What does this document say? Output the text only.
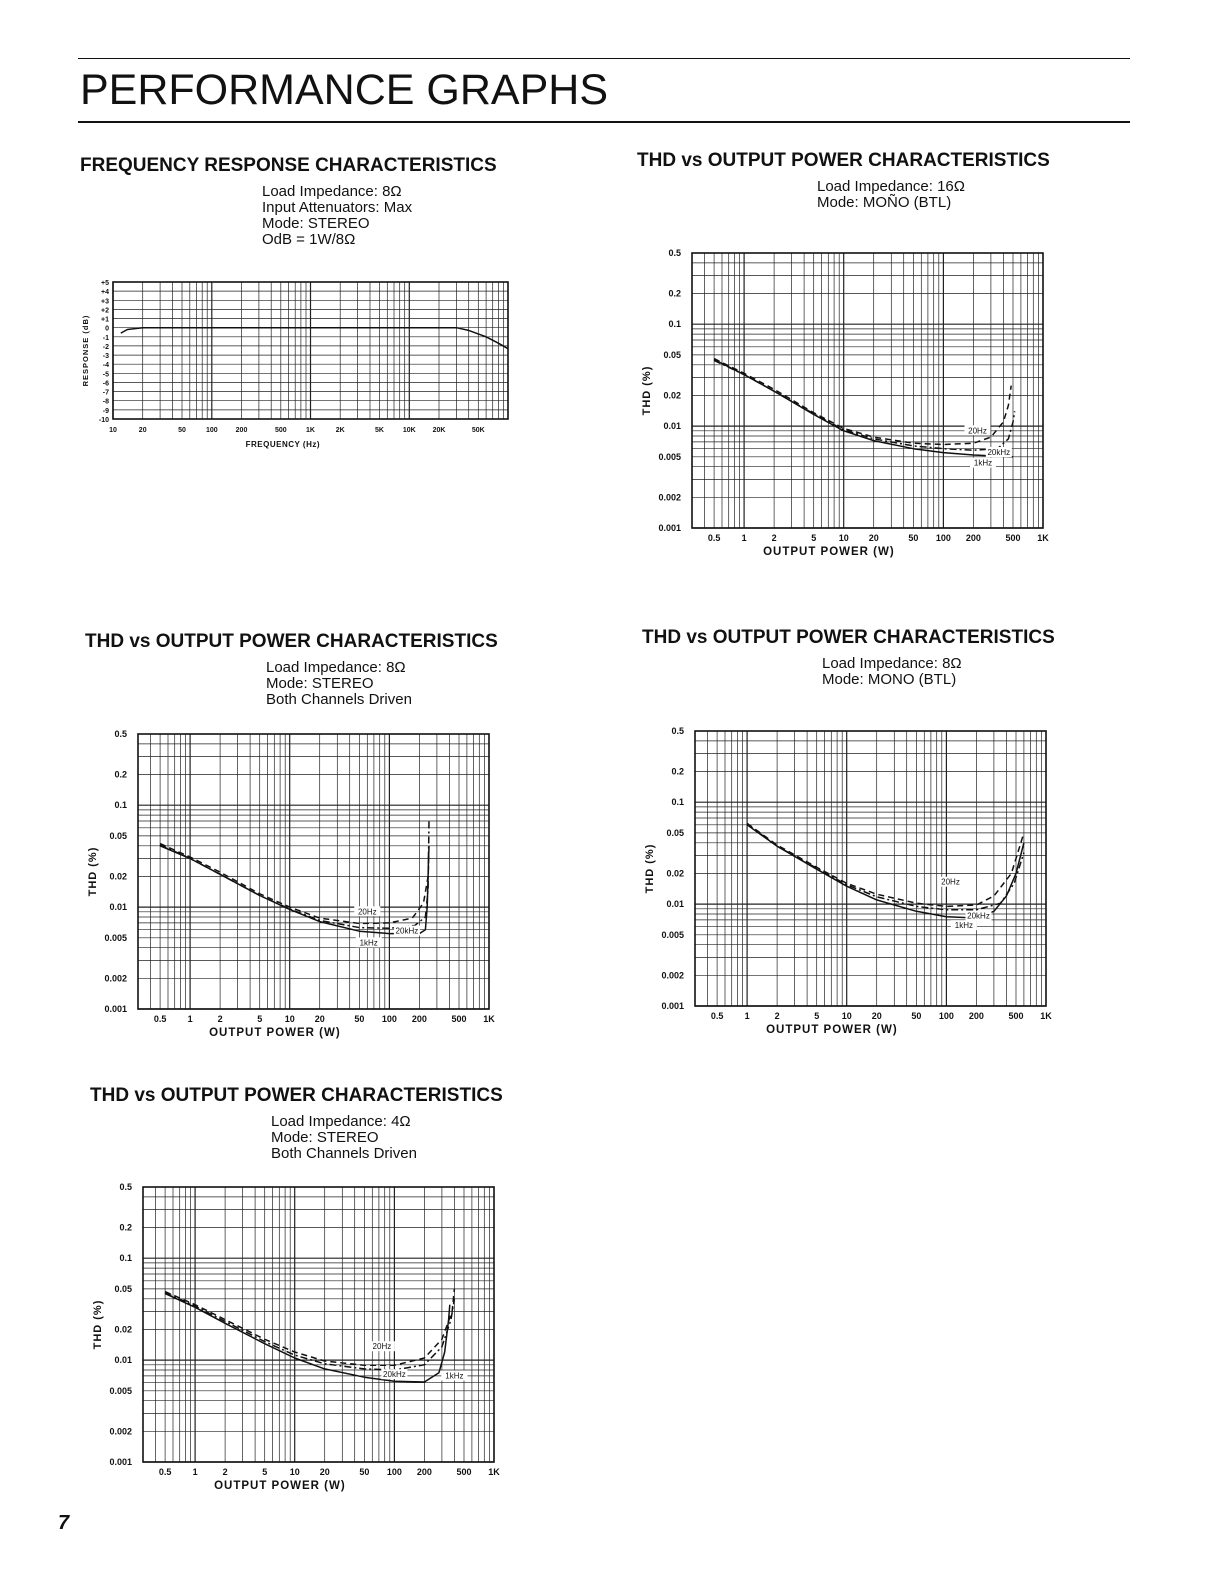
PERFORMANCE GRAPHS
FREQUENCY RESPONSE CHARACTERISTICS
Load Impedance: 8Ω
Input Attenuators: Max
Mode: STEREO
OdB = 1W/8Ω
10	20	50	100	200	500	1K	2K	5K	10K 20K	50K
+5
+4
+3
+2
+1
0
-1
-2
-3
-4
-5
-6
-7
-8
-9
-10
FREQUENCY (Hz)
RESPONSE (dB)
THD vs OUTPUT POWER CHARACTERISTICS
Load Impedance: 16Ω
Mode: MOÑO (BTL)
0.5 1	2	5 10 20	50 100 200	500 1K
0.5
0.2
0.1
0.05
0.02
0.01
0.005
0.002
0.001
OUTPUT POWER (W)
THD (%)
1kHz
20Hz
20kHz
THD vs OUTPUT POWER CHARACTERISTICS
Load Impedance: 8Ω
Mode: STEREO
Both Channels Driven
0.5 1	2	5 10 20	50 100 200	500 1K
0.5
0.2
0.1
0.05
0.02
0.01
0.005
0.002
0.001
OUTPUT POWER (W)
THD (%)
1kHz
20Hz
20kHz
THD vs OUTPUT POWER CHARACTERISTICS
Load Impedance: 8Ω
Mode: MONO (BTL)
0.5 1	2	5 10 20	50 100 200	500 1K
0.5
0.2
0.1
0.05
0.02
0.01
0.005
0.002
0.001
OUTPUT POWER (W)
THD (%)
1kHz
20Hz
20kHz
THD vs OUTPUT POWER CHARACTERISTICS
Load Impedance: 4Ω
Mode: STEREO
Both Channels Driven
0.5 1	2	5 10 20	50 100 200	500 1K
0.5
0.2
0.1
0.05
0.02
0.01
0.005
0.002
0.001
OUTPUT POWER (W)
THD (%)
1kHz
20Hz
20kHz
7
